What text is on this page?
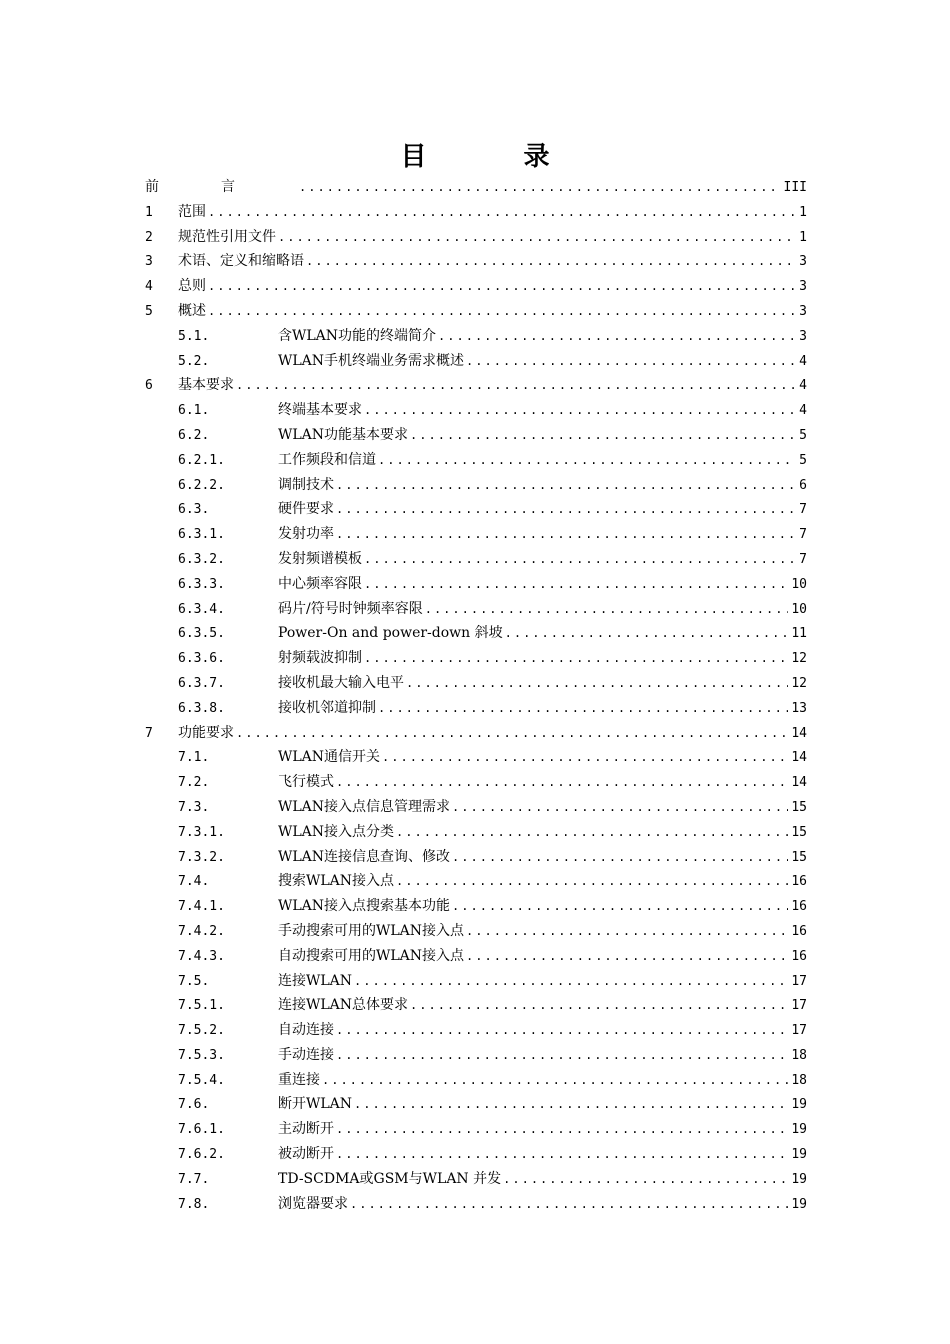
目 录
前言 .....	III
1	范围 .....	1
2	规范性引用文件 .....	1
3	术语、定义和缩略语 .....	3
4	总则 .....	3
5	概述 .....	3
5.1.	含WLAN功能的终端简介 .....	3
5.2.	WLAN手机终端业务需求概述 .....	4
6	基本要求 .....	4
6.1.	终端基本要求 .....	4
6.2.	WLAN功能基本要求 .....	5
6.2.1.	工作频段和信道 .....	5
6.2.2.	调制技术 .....	6
6.3.	硬件要求 .....	7
6.3.1.	发射功率 .....	7
6.3.2.	发射频谱模板 .....	7
6.3.3.	中心频率容限 .....	10
6.3.4.	码片/符号时钟频率容限 .....	10
6.3.5.	Power-On and power-down 斜坡 .....	11
6.3.6.	射频载波抑制 .....	12
6.3.7.	接收机最大输入电平 .....	12
6.3.8.	接收机邻道抑制 .....	13
7	功能要求 .....	14
7.1.	WLAN通信开关 .....	14
7.2.	飞行模式 .....	14
7.3.	WLAN接入点信息管理需求 .....	15
7.3.1.	WLAN接入点分类 .....	15
7.3.2.	WLAN连接信息查询、修改 .....	15
7.4.	搜索WLAN接入点 .....	16
7.4.1.	WLAN接入点搜索基本功能 .....	16
7.4.2.	手动搜索可用的WLAN接入点 .....	16
7.4.3.	自动搜索可用的WLAN接入点 .....	16
7.5.	连接WLAN .....	17
7.5.1.	连接WLAN总体要求 .....	17
7.5.2.	自动连接 .....	17
7.5.3.	手动连接 .....	18
7.5.4.	重连接 .....	18
7.6.	断开WLAN .....	19
7.6.1.	主动断开 .....	19
7.6.2.	被动断开 .....	19
7.7.	TD-SCDMA或GSM与WLAN 并发 .....	19
7.8.	浏览器要求 .....	19
